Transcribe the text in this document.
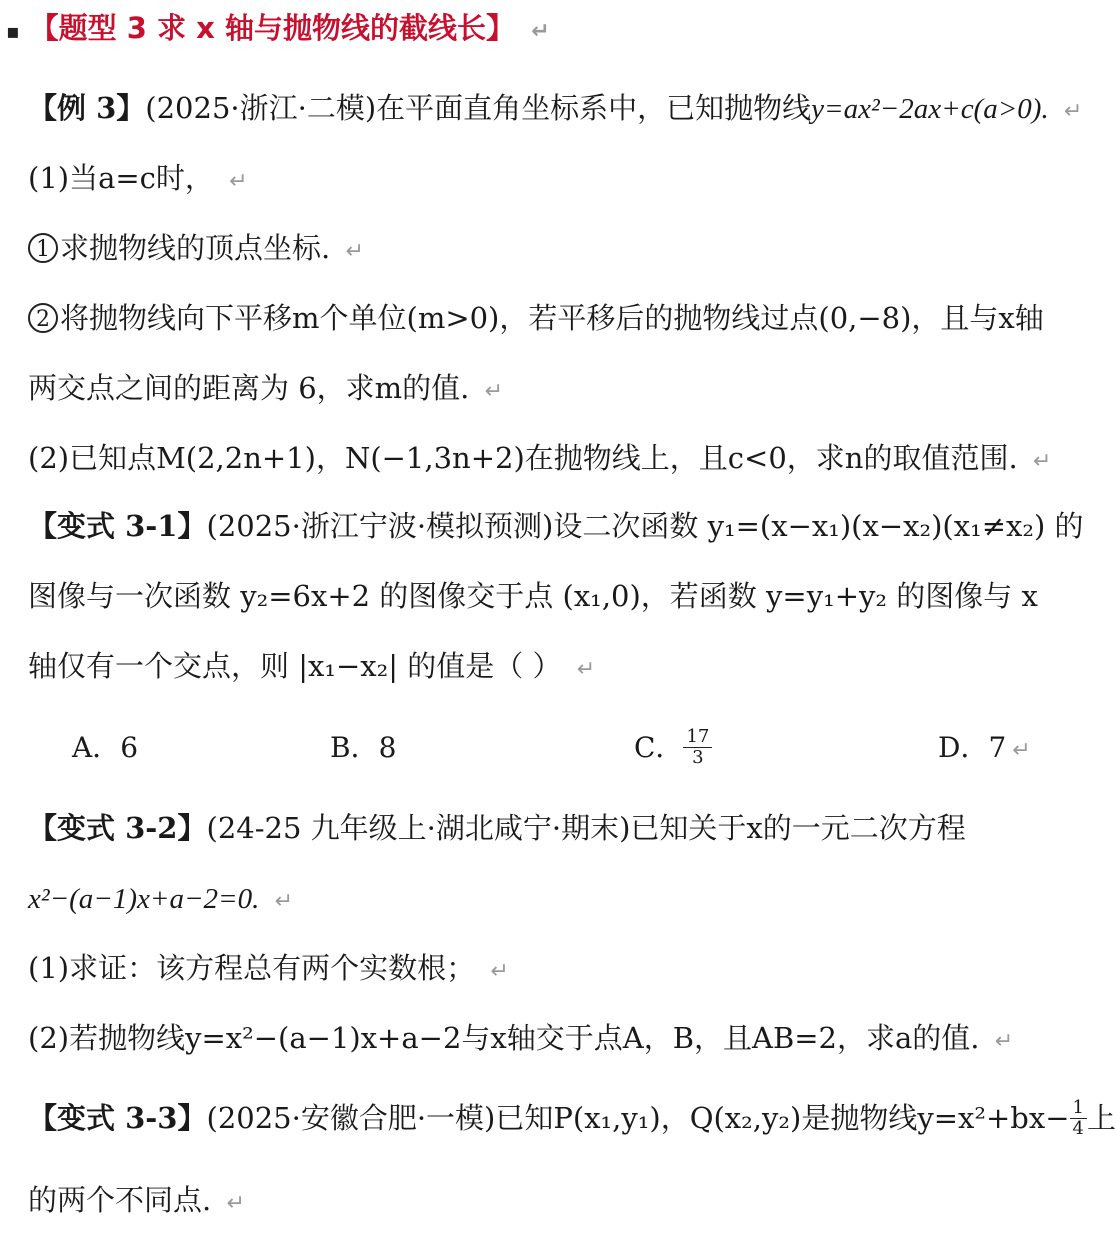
▪ 【题型 3 求 x 轴与抛物线的截线长】 ↵
【例 3】(2025·浙江·二模)在平面直角坐标系中，已知抛物线y=ax²−2ax+c(a>0). ↵
(1)当a=c时， ↵
1 求抛物线的顶点坐标. ↵
2 将抛物线向下平移m个单位(m>0)，若平移后的抛物线过点(0,−8)，且与x轴
两交点之间的距离为 6，求m的值. ↵
(2)已知点M(2,2n+1)，N(−1,3n+2)在抛物线上，且c<0，求n的取值范围. ↵
【变式 3-1】(2025·浙江宁波·模拟预测)设二次函数 y₁=(x−x₁)(x−x₂)(x₁≠x₂) 的
图像与一次函数 y₂=6x+2 的图像交于点 (x₁,0)，若函数 y=y₁+y₂ 的图像与 x
轴仅有一个交点，则 |x₁−x₂| 的值是（ ） ↵
A．6	B．8	C． $\frac{17}{3}$	D．7 ↵
【变式 3-2】(24-25 九年级上·湖北咸宁·期末)已知关于x的一元二次方程
x²−(a−1)x+a−2=0. ↵
(1)求证：该方程总有两个实数根； ↵
(2)若抛物线y=x²−(a−1)x+a−2与x轴交于点A，B，且AB=2，求a的值. ↵
【变式 3-3】(2025·安徽合肥·一模)已知P(x₁,y₁)，Q(x₂,y₂)是抛物线$y=x^2+bx- \frac{1}{4}$ 上
的两个不同点. ↵
